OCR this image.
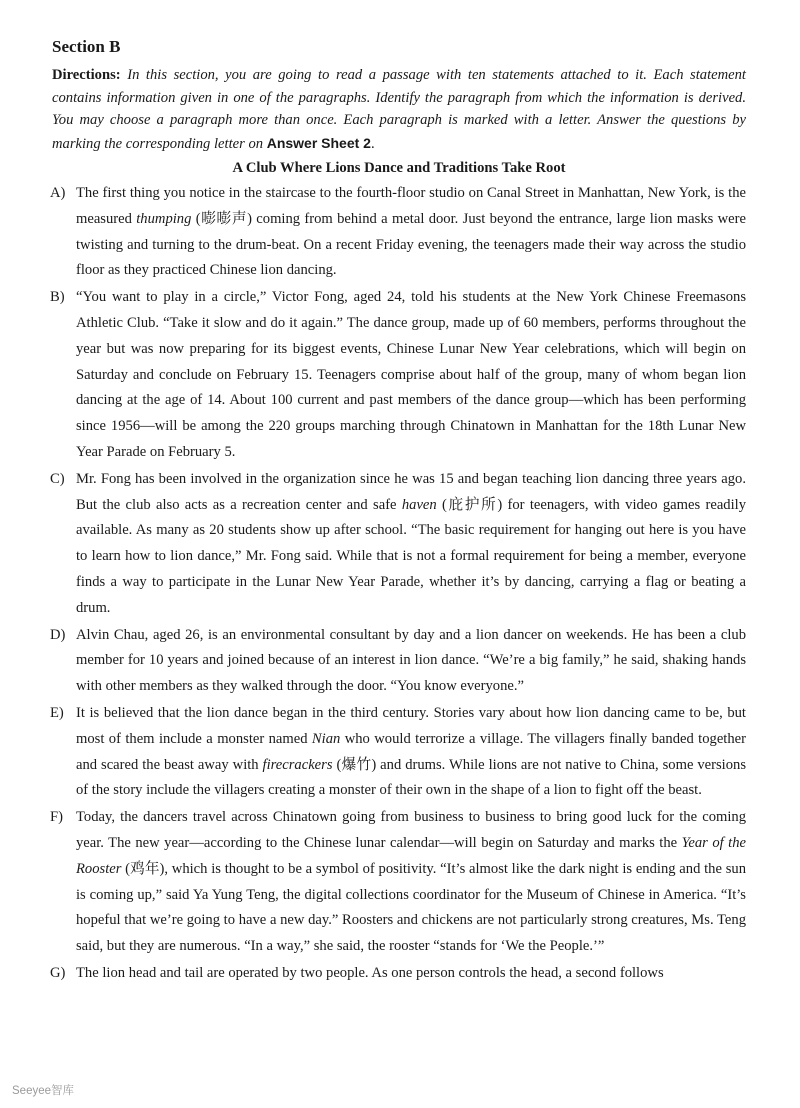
Section B

Directions: In this section, you are going to read a passage with ten statements attached to it. Each statement contains information given in one of the paragraphs. Identify the paragraph from which the information is derived. You may choose a paragraph more than once. Each paragraph is marked with a letter. Answer the questions by marking the corresponding letter on Answer Sheet 2.

A Club Where Lions Dance and Traditions Take Root
A) The first thing you notice in the staircase to the fourth-floor studio on Canal Street in Manhattan, New York, is the measured thumping (嘭嘭声) coming from behind a metal door. Just beyond the entrance, large lion masks were twisting and turning to the drum-beat. On a recent Friday evening, the teenagers made their way across the studio floor as they practiced Chinese lion dancing.

B) “You want to play in a circle,” Victor Fong, aged 24, told his students at the New York Chinese Freemasons Athletic Club. “Take it slow and do it again.” The dance group, made up of 60 members, performs throughout the year but was now preparing for its biggest events, Chinese Lunar New Year celebrations, which will begin on Saturday and conclude on February 15. Teenagers comprise about half of the group, many of whom began lion dancing at the age of 14. About 100 current and past members of the dance group—which has been performing since 1956—will be among the 220 groups marching through Chinatown in Manhattan for the 18th Lunar New Year Parade on February 5.

C) Mr. Fong has been involved in the organization since he was 15 and began teaching lion dancing three years ago. But the club also acts as a recreation center and safe haven (庇护所) for teenagers, with video games readily available. As many as 20 students show up after school. “The basic requirement for hanging out here is you have to learn how to lion dance,” Mr. Fong said. While that is not a formal requirement for being a member, everyone finds a way to participate in the Lunar New Year Parade, whether it’s by dancing, carrying a flag or beating a drum.

D) Alvin Chau, aged 26, is an environmental consultant by day and a lion dancer on weekends. He has been a club member for 10 years and joined because of an interest in lion dance. “We’re a big family,” he said, shaking hands with other members as they walked through the door. “You know everyone.”

E) It is believed that the lion dance began in the third century. Stories vary about how lion dancing came to be, but most of them include a monster named Nian who would terrorize a village. The villagers finally banded together and scared the beast away with firecrackers (爆竹) and drums. While lions are not native to China, some versions of the story include the villagers creating a monster of their own in the shape of a lion to fight off the beast.

F) Today, the dancers travel across Chinatown going from business to business to bring good luck for the coming year. The new year—according to the Chinese lunar calendar—will begin on Saturday and marks the Year of the Rooster (鸡年), which is thought to be a symbol of positivity. “It’s almost like the dark night is ending and the sun is coming up,” said Ya Yung Teng, the digital collections coordinator for the Museum of Chinese in America. “It’s hopeful that we’re going to have a new day.” Roosters and chickens are not particularly strong creatures, Ms. Teng said, but they are numerous. “In a way,” she said, the rooster “stands for ‘We the People.’”

G) The lion head and tail are operated by two people. As one person controls the head, a second follows

Seeyee智库
